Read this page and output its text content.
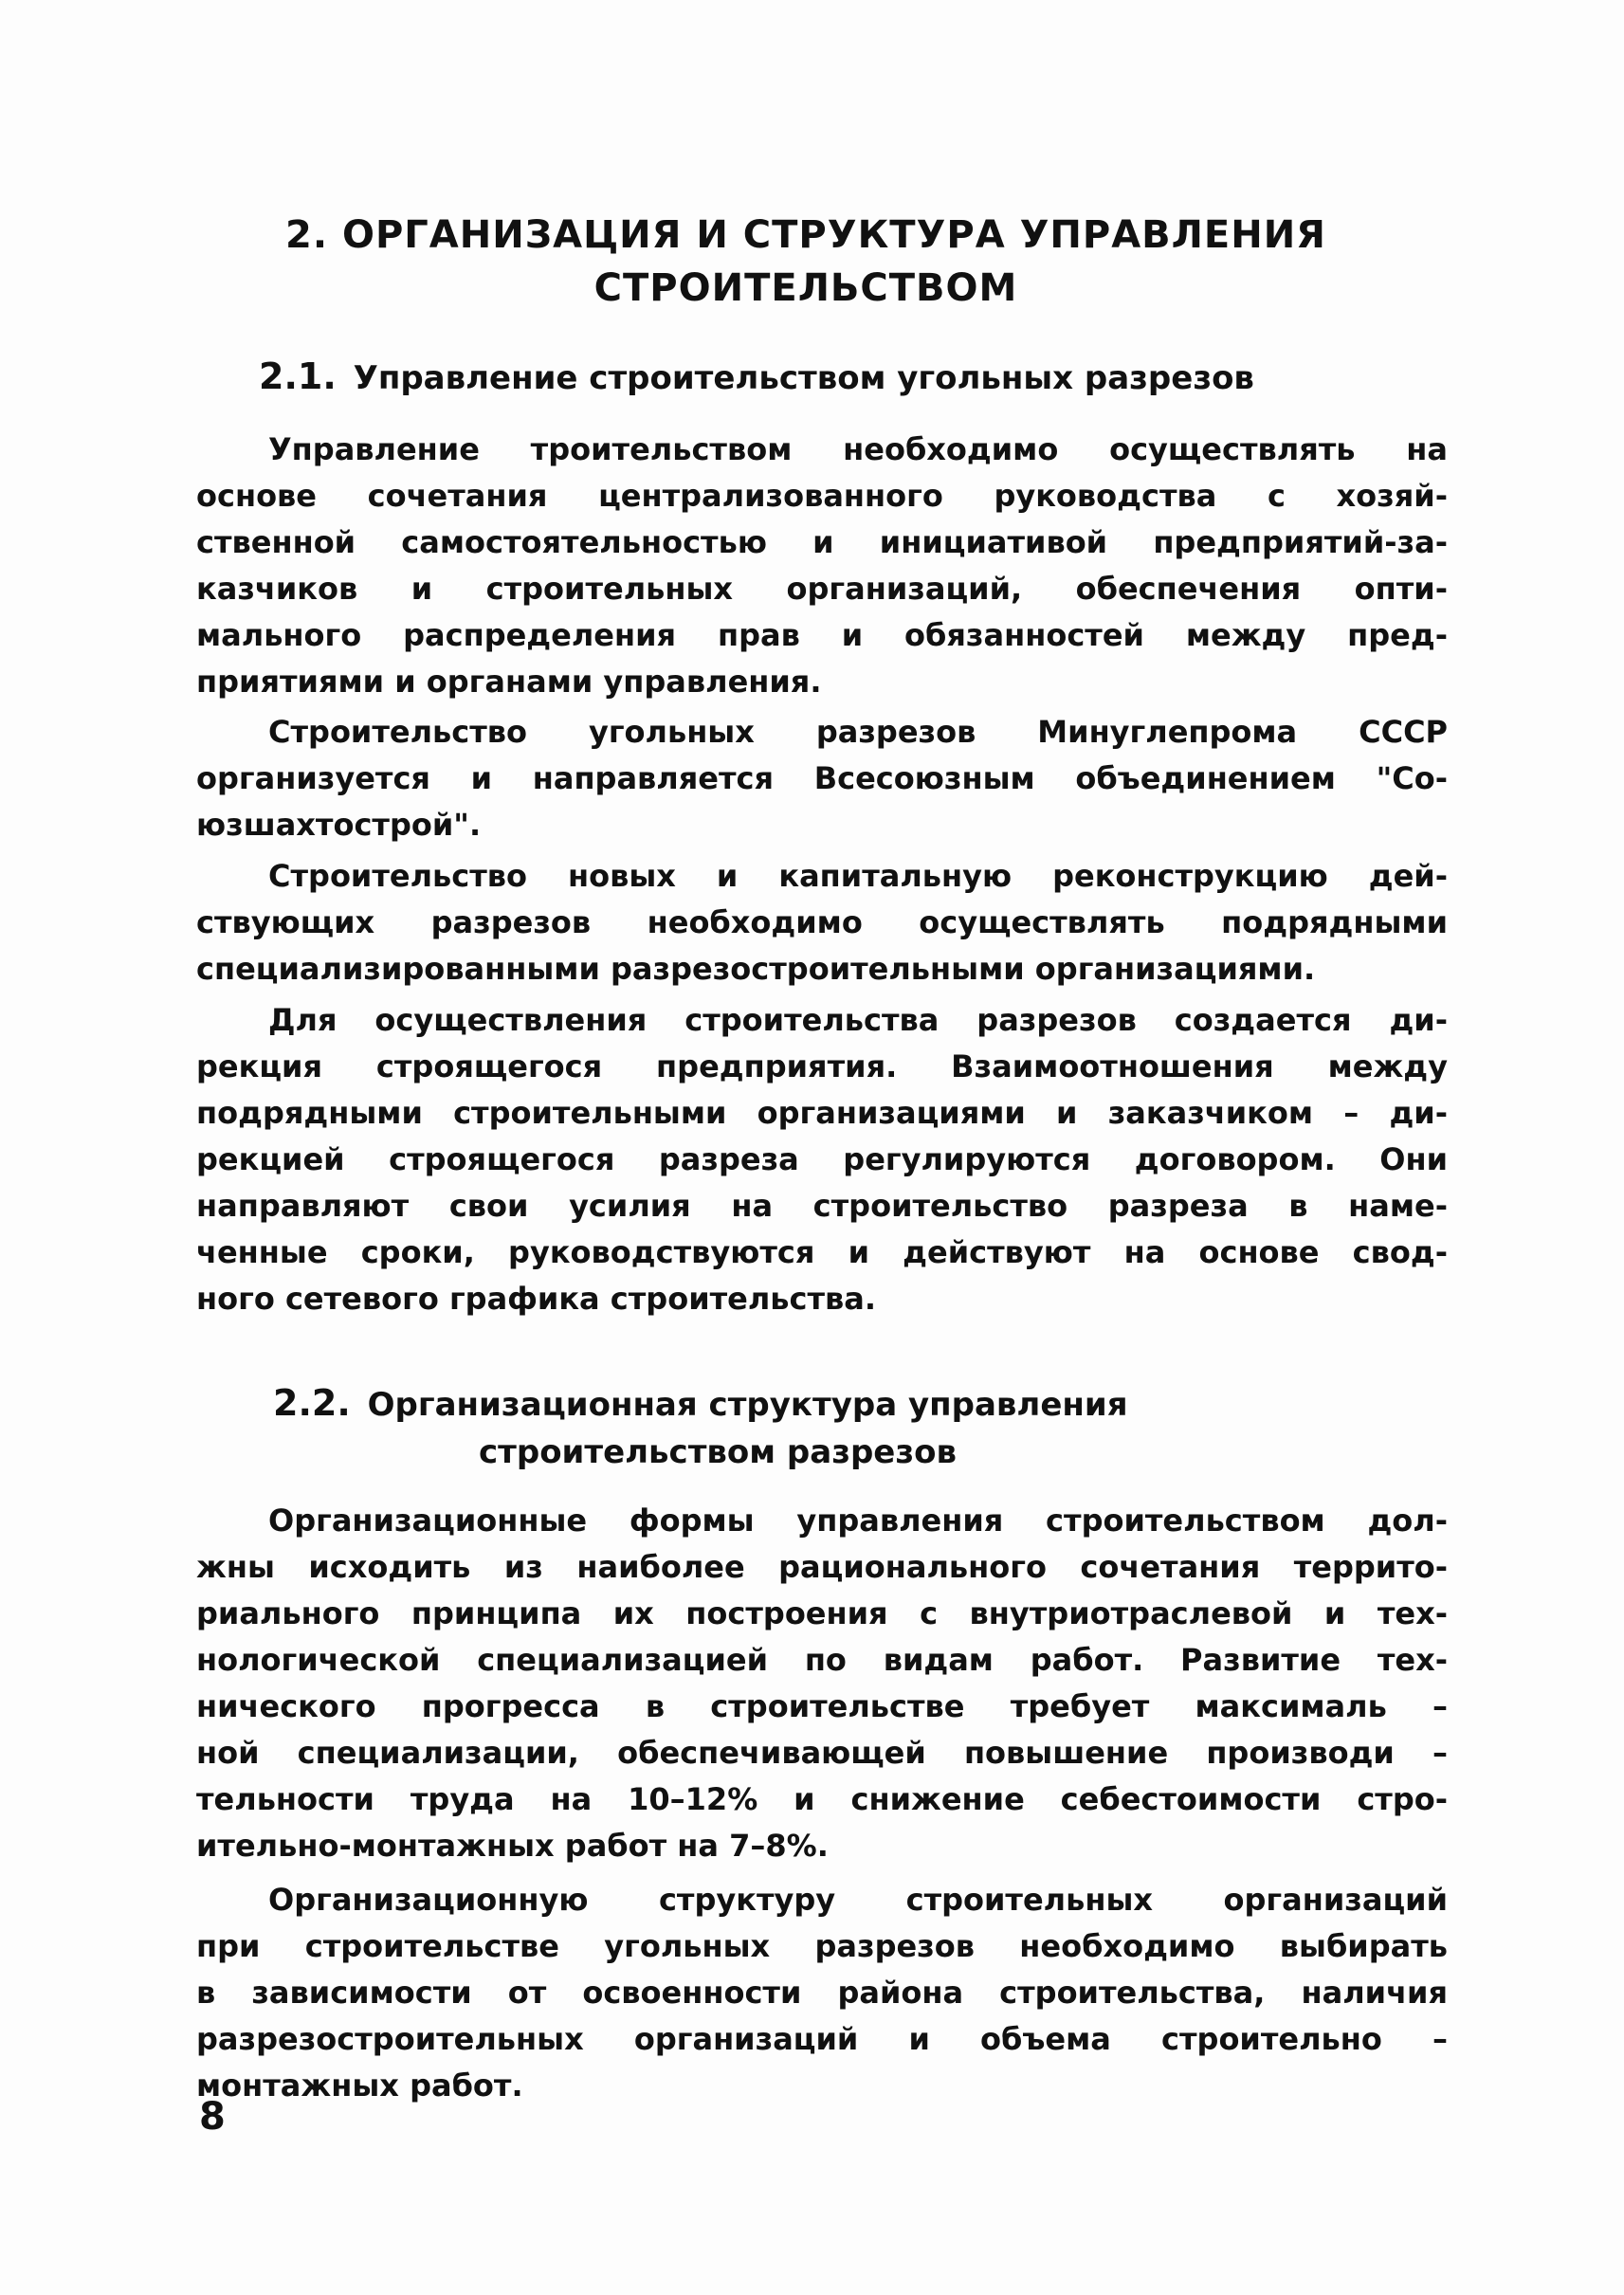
2. ОРГАНИЗАЦИЯ И СТРУКТУРА УПРАВЛЕНИЯ
СТРОИТЕЛЬСТВОМ
2.1. Управление строительством угольных разрезов
Управление троительством необходимо осуществлять на
основе сочетания централизованного руководства с хозяй-
ственной самостоятельностью и инициативой предприятий-за-
казчиков и строительных организаций, обеспечения опти-
мального распределения прав и обязанностей между пред-
приятиями и органами управления.
Строительство угольных разрезов Минуглепрома СССР
организуется и направляется Всесоюзным объединением "Со-
юзшахтострой".
Строительство новых и капитальную реконструкцию дей-
ствующих разрезов необходимо осуществлять подрядными
специализированными разрезостроительными организациями.
Для осуществления строительства разрезов создается ди-
рекция строящегося предприятия. Взаимоотношения между
подрядными строительными организациями и заказчиком – ди-
рекцией строящегося разреза регулируются договором. Они
направляют свои усилия на строительство разреза в наме-
ченные сроки, руководствуются и действуют на основе свод-
ного сетевого графика строительства.
2.2. Организационная структура управления
строительством разрезов
Организационные формы управления строительством дол-
жны исходить из наиболее рационального сочетания террито-
риального принципа их построения с внутриотраслевой и тех-
нологической специализацией по видам работ. Развитие тех-
нического прогресса в строительстве требует максималь –
ной специализации, обеспечивающей повышение производи –
тельности труда на 10–12% и снижение себестоимости стро-
ительно-монтажных работ на 7–8%.
Организационную структуру строительных организаций
при строительстве угольных разрезов необходимо выбирать
в зависимости от освоенности района строительства, наличия
разрезостроительных организаций и объема строительно –
монтажных работ.
8
